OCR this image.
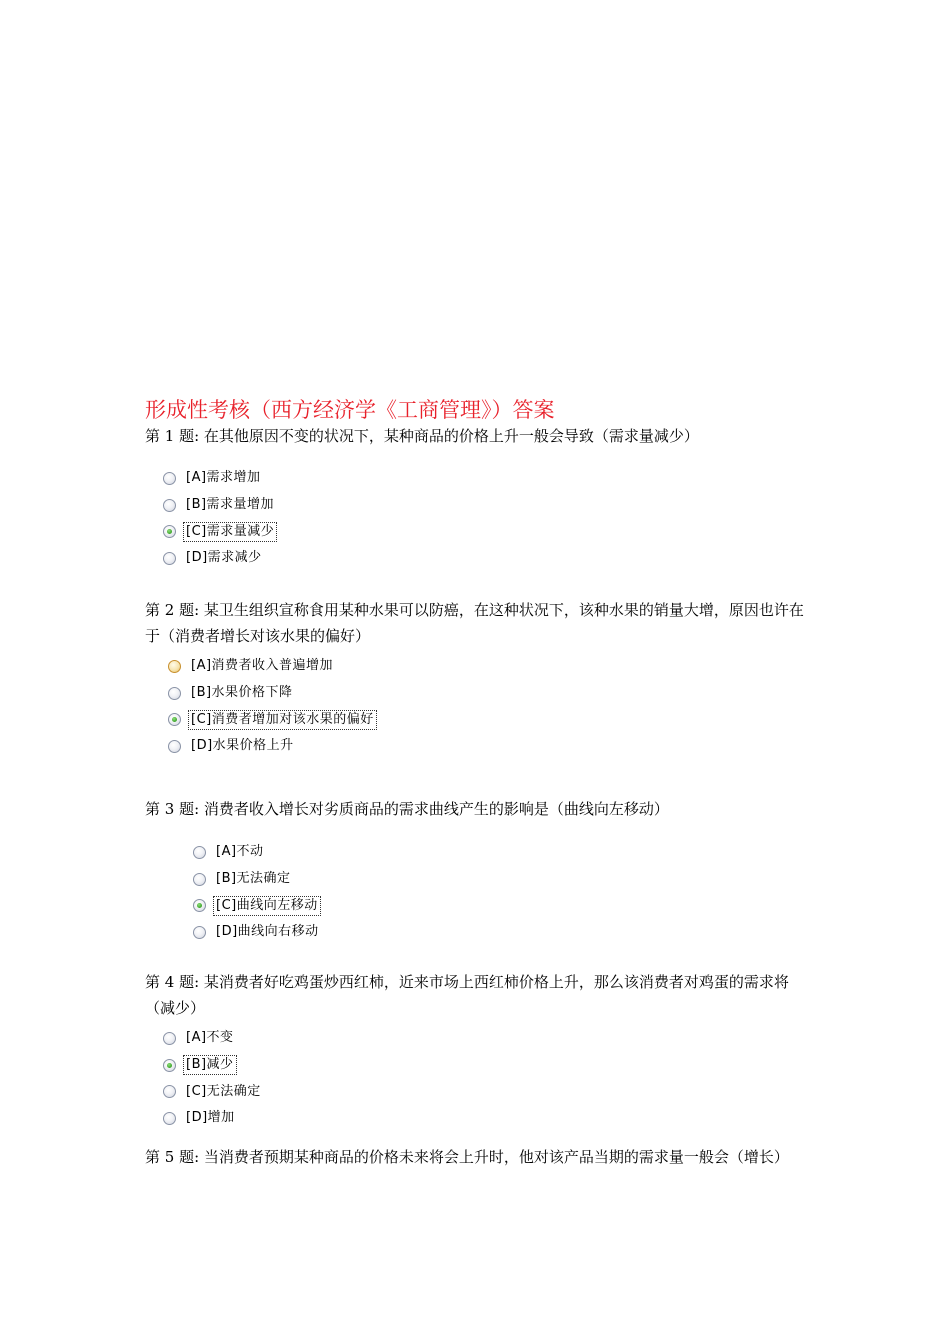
形成性考核（西方经济学《工商管理》）答案
第 1 题: 在其他原因不变的状况下，某种商品的价格上升一般会导致（需求量减少）
[A]需求增加
[B]需求量增加
[C]需求量减少
[D]需求减少
第 2 题: 某卫生组织宣称食用某种水果可以防癌，在这种状况下，该种水果的销量大增，原因也许在于（消费者增长对该水果的偏好）
[A]消费者收入普遍增加
[B]水果价格下降
[C]消费者增加对该水果的偏好
[D]水果价格上升
第 3 题: 消费者收入增长对劣质商品的需求曲线产生的影响是（曲线向左移动）
[A]不动
[B]无法确定
[C]曲线向左移动
[D]曲线向右移动
第 4 题: 某消费者好吃鸡蛋炒西红柿，近来市场上西红柿价格上升，那么该消费者对鸡蛋的需求将（减少）
[A]不变
[B]减少
[C]无法确定
[D]增加
第 5 题: 当消费者预期某种商品的价格未来将会上升时，他对该产品当期的需求量一般会（增长）
